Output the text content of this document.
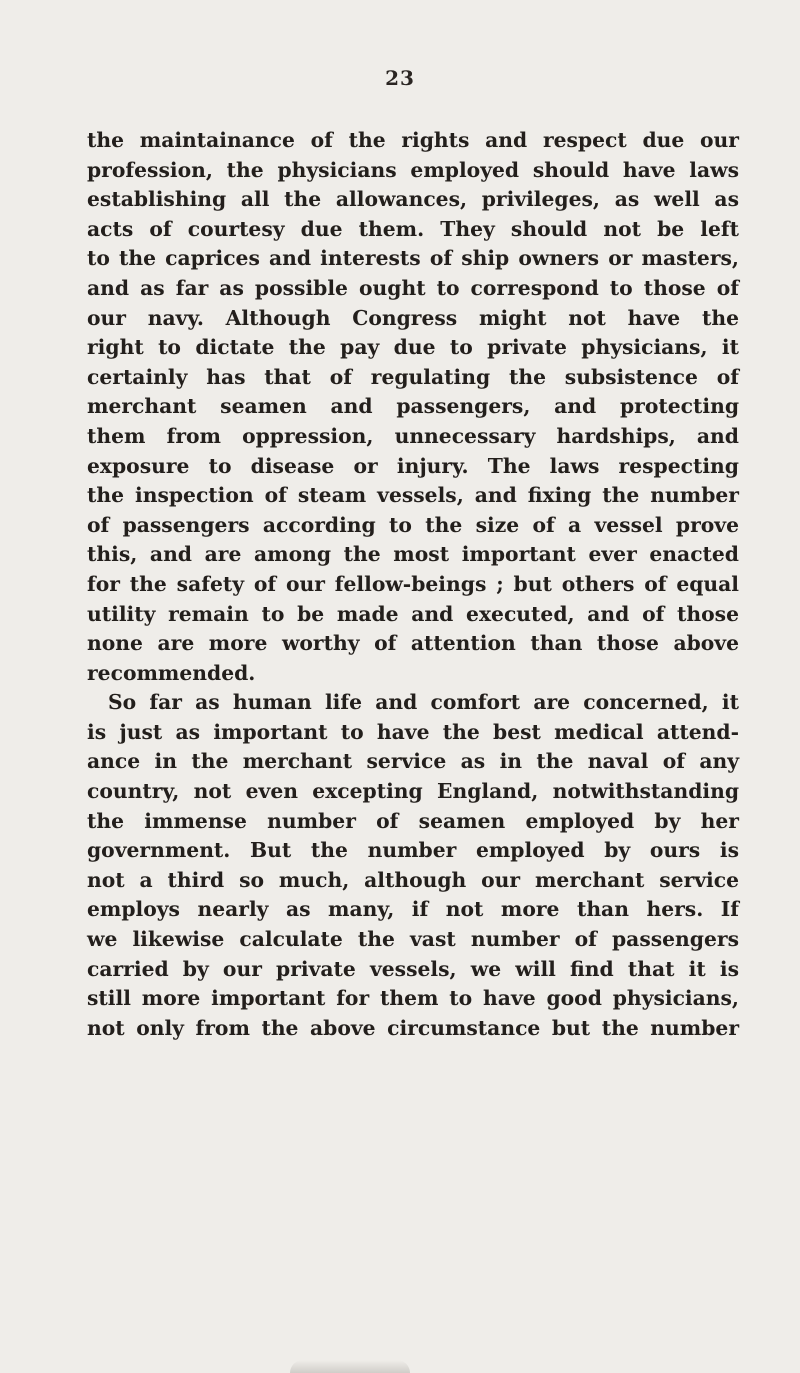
23
the maintainance of the rights and respect due our
profession, the physicians employed should have laws
establishing all the allowances, privileges, as well as
acts of courtesy due them. They should not be left
to the caprices and interests of ship owners or masters,
and as far as possible ought to correspond to those of
our navy. Although Congress might not have the
right to dictate the pay due to private physicians, it
certainly has that of regulating the subsistence of
merchant seamen and passengers, and protecting
them from oppression, unnecessary hardships, and
exposure to disease or injury. The laws respecting
the inspection of steam vessels, and fixing the number
of passengers according to the size of a vessel prove
this, and are among the most important ever enacted
for the safety of our fellow-beings ; but others of equal
utility remain to be made and executed, and of those
none are more worthy of attention than those above
recommended.
So far as human life and comfort are concerned, it
is just as important to have the best medical attend-
ance in the merchant service as in the naval of any
country, not even excepting England, notwithstanding
the immense number of seamen employed by her
government. But the number employed by ours is
not a third so much, although our merchant service
employs nearly as many, if not more than hers. If
we likewise calculate the vast number of passengers
carried by our private vessels, we will find that it is
still more important for them to have good physicians,
not only from the above circumstance but the number
